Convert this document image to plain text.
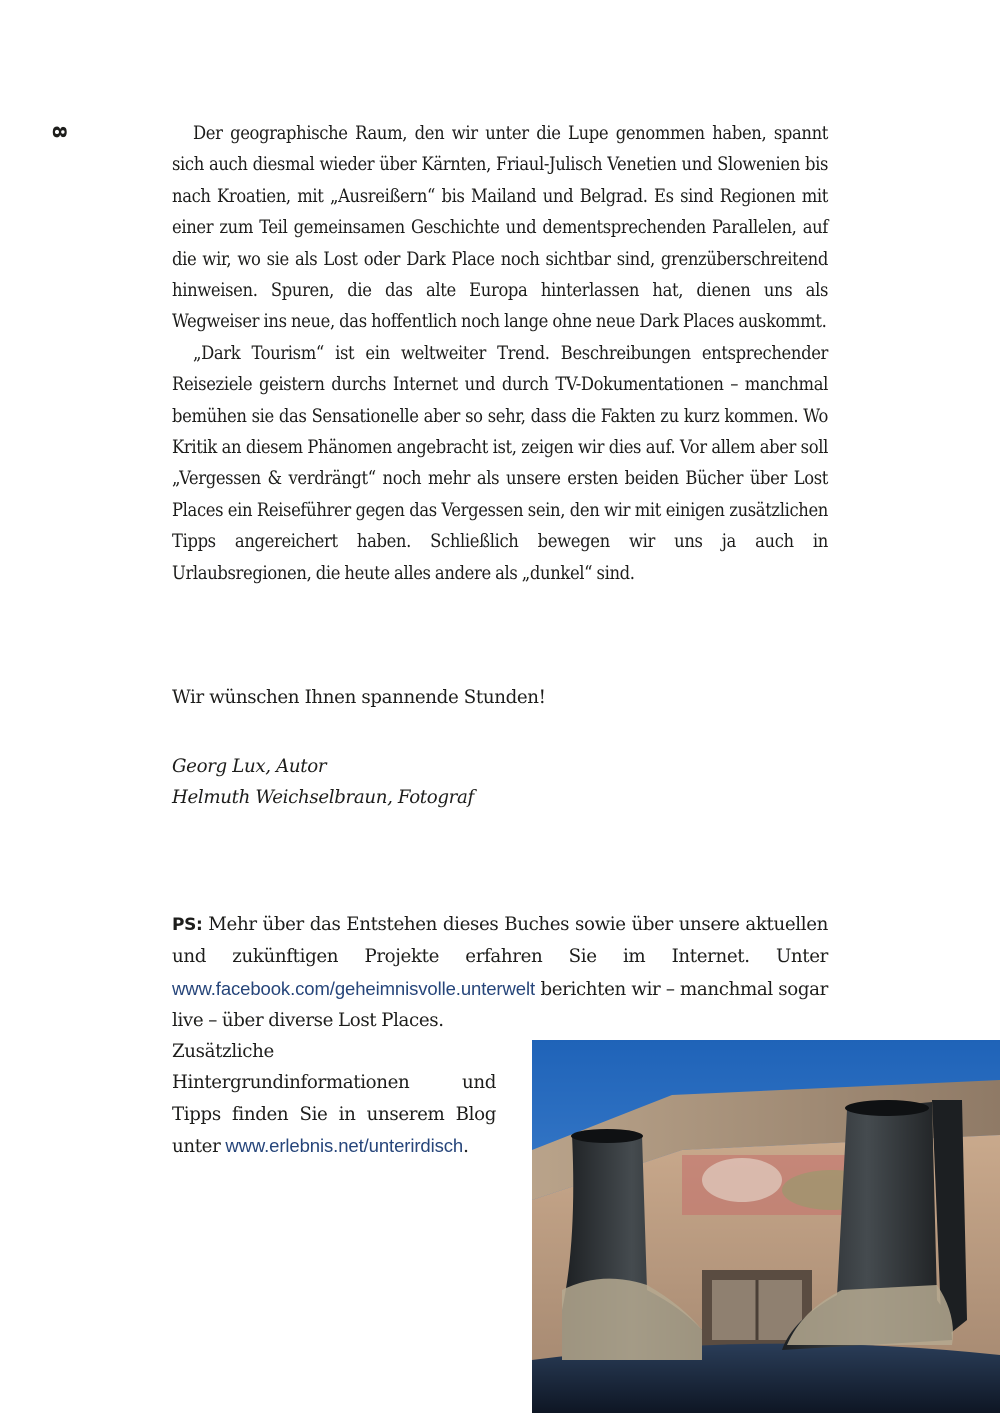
8	Der geographische Raum, den wir unter die Lupe genommen haben, spannt sich auch diesmal wieder über Kärnten, Friaul-Julisch Venetien und Slowenien bis nach Kroatien, mit „Ausreißern“ bis Mailand und Belgrad. Es sind Regionen mit einer zum Teil gemeinsamen Geschichte und dementsprechenden Parallelen, auf die wir, wo sie als Lost oder Dark Place noch sichtbar sind, grenzüberschreitend hinweisen. Spuren, die das alte Europa hinterlassen hat, dienen uns als Wegweiser ins neue, das hoffentlich noch lange ohne neue Dark Places auskommt.

„Dark Tourism“ ist ein weltweiter Trend. Beschreibungen entsprechender Reiseziele geistern durchs Internet und durch TV-Dokumentationen – manchmal bemühen sie das Sensationelle aber so sehr, dass die Fakten zu kurz kommen. Wo Kritik an diesem Phänomen angebracht ist, zeigen wir dies auf. Vor allem aber soll „Vergessen & verdrängt“ noch mehr als unsere ersten beiden Bücher über Lost Places ein Reiseführer gegen das Vergessen sein, den wir mit einigen zusätzlichen Tipps angereichert haben. Schließlich bewegen wir uns ja auch in Urlaubsregionen, die heute alles andere als „dunkel“ sind.

Wir wünschen Ihnen spannende Stunden!
Georg Lux, Autor
Helmuth Weichselbraun, Fotograf

PS: Mehr über das Entstehen dieses Buches sowie über unsere aktuellen und zukünftigen Projekte erfahren Sie im Internet. Unter www.facebook.com/geheimnisvolle.unterwelt berichten wir – manchmal sogar live – über diverse Lost Places.

Zusätzliche Hintergrundinformationen und Tipps finden Sie in unserem Blog unter www.erlebnis.net/unterirdisch.
